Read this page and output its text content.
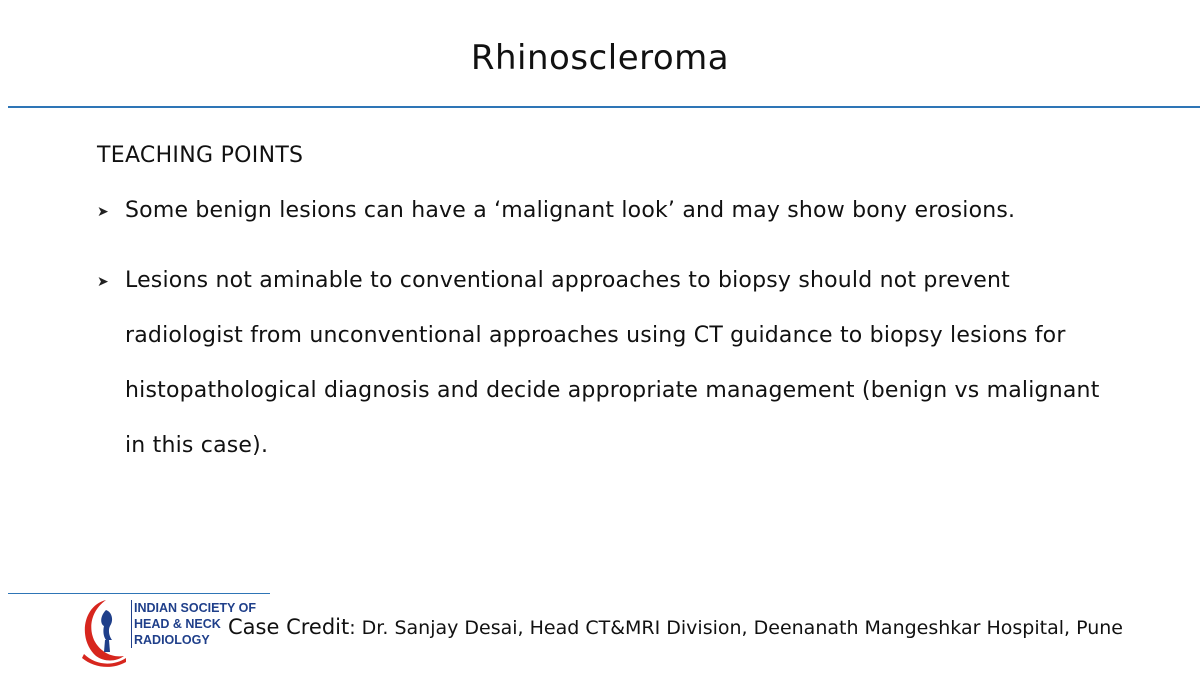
Rhinoscleroma
TEACHING POINTS
➤ Some benign lesions can have a ‘malignant look’ and may show bony erosions.
➤ Lesions not aminable to conventional approaches to biopsy should not prevent radiologist from unconventional approaches using CT guidance to biopsy lesions for histopathological diagnosis and decide appropriate management (benign vs malignant in this case).
INDIAN SOCIETY OF
HEAD & NECK
RADIOLOGY
Case Credit: Dr. Sanjay Desai, Head CT&MRI Division, Deenanath Mangeshkar Hospital, Pune
